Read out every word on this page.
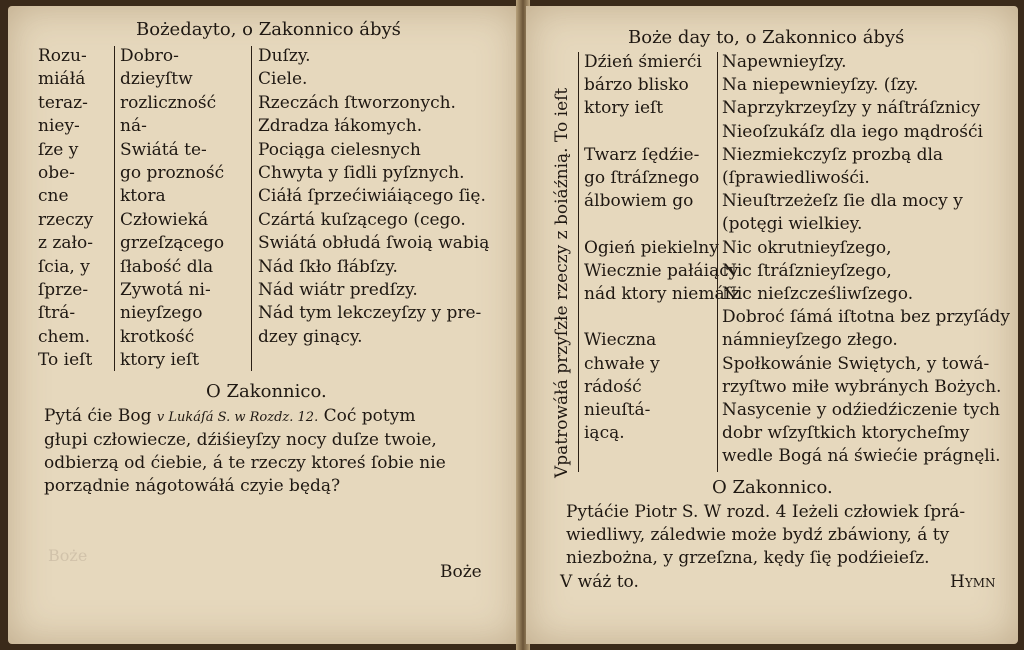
Bożedayto, o Zakonnico ábyś
Rozu-
miáłá
teraz-
niey-
ſze y
obe-
cne
rzeczy
z zało-
ſcia, y
ſprze-
ſtrá-
chem.
To ieſt
Dobro-
dzieyſtw
rozliczność
ná-
Swiátá te-
go prozność
ktora
Człowieká
grzeſzącego
ſłabość dla
Zywotá ni-
nieyſzego
krotkość
ktory ieſt
Duſzy.
Ciele.
Rzeczách ſtworzonych.
Zdradza łákomych.
Pociąga cielesnych
Chwyta y ſidli pyſznych.
Ciáłá ſprzećiwiáiącego ſię.
Czártá kuſzącego (cego.
Swiátá obłudá ſwoią wabią
Nád ſkło ſłábſzy.
Nád wiátr predſzy.
Nád tym lekczeyſzy y pre-
dzey ginący.
O Zakonnico.
Pytá ćie Bog v Lukáſá S. w Rozdz. 12. Coć potym
głupi człowiecze, dźiśieyſzy nocy duſze twoie,
odbierzą od ćiebie, á te rzeczy ktoreś ſobie nie
porządnie nágotowáłá czyie będą?
Boże
Boże
Boże day to, o Zakonnico ábyś
Vpatrowáłá przyſzłe rzeczy z boiáźnią. To ieſt
Dźień śmierći
bárzo blisko
ktory ieſt
Twarz ſędźie-
go ſtráſznego
álbowiem go
Ogień piekielny
Wiecznie pałáiący
nád ktory niemáſz
Wieczna
chwałe y
rádość
nieuſtá-
iącą.
Napewnieyſzy.
Na niepewnieyſzy. (ſzy.
Naprzykrzeyſzy y náſtráſznicy
Nieoſzukáſz dla iego mądrośći
Niezmiekczyſz prozbą dla
(ſprawiedliwośći.
Nieuſtrzeżeſz ſie dla mocy y
(potęgi wielkiey.
Nic okrutnieyſzego,
Nic ſtráſznieyſzego,
Nic nieſzcześliwſzego.
Dobroć ſámá iſtotna bez przyſády
námnieyſzego złego.
Społkowánie Swiętych, y towá-
rzyſtwo miłe wybránych Bożych.
Nasycenie y odźiedźiczenie tych
dobr wſzyſtkich ktorycheſmy
wedle Bogá ná świećie prágnęli.
O Zakonnico.
Pytáćie Piotr S. W rozd. 4 Ieżeli człowiek ſprá-
wiedliwy, záledwie może bydź zbáwiony, á ty
niezbożna, y grzeſzna, kędy ſię podźieieſz.
V wáż to.	Hymn
